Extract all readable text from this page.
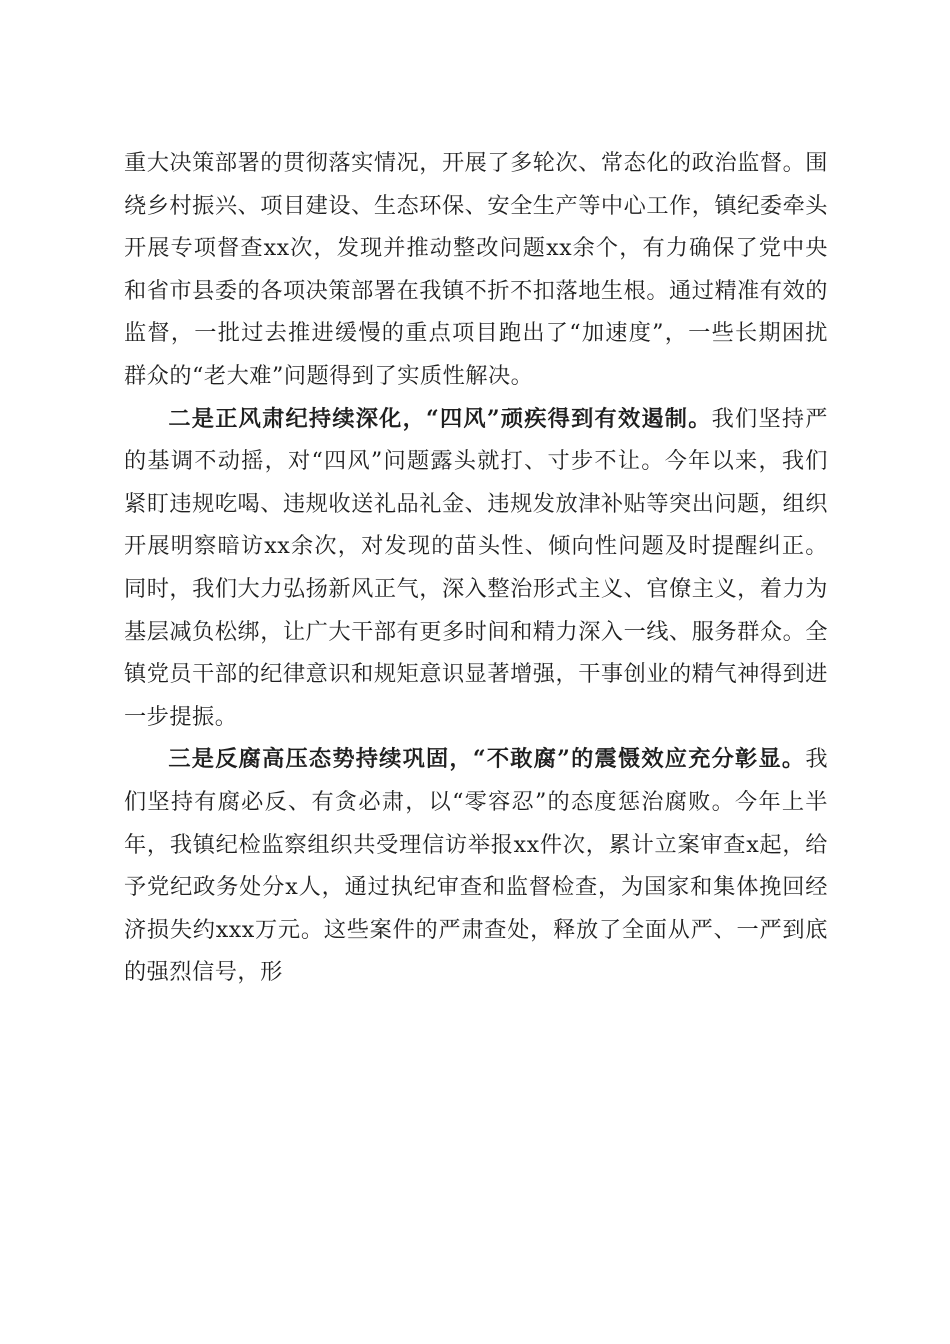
重大决策部署的贯彻落实情况，开展了多轮次、常态化的政治监督。围绕乡村振兴、项目建设、生态环保、安全生产等中心工作，镇纪委牵头开展专项督查xx次，发现并推动整改问题xx余个，有力确保了党中央和省市县委的各项决策部署在我镇不折不扣落地生根。通过精准有效的监督，一批过去推进缓慢的重点项目跑出了“加速度”，一些长期困扰群众的“老大难”问题得到了实质性解决。

二是正风肃纪持续深化，“四风”顽疾得到有效遏制。我们坚持严的基调不动摇，对“四风”问题露头就打、寸步不让。今年以来，我们紧盯违规吃喝、违规收送礼品礼金、违规发放津补贴等突出问题，组织开展明察暗访xx余次，对发现的苗头性、倾向性问题及时提醒纠正。同时，我们大力弘扬新风正气，深入整治形式主义、官僚主义，着力为基层减负松绑，让广大干部有更多时间和精力深入一线、服务群众。全镇党员干部的纪律意识和规矩意识显著增强，干事创业的精气神得到进一步提振。

三是反腐高压态势持续巩固，“不敢腐”的震慑效应充分彰显。我们坚持有腐必反、有贪必肃，以“零容忍”的态度惩治腐败。今年上半年，我镇纪检监察组织共受理信访举报xx件次，累计立案审查x起，给予党纪政务处分x人，通过执纪审查和监督检查，为国家和集体挽回经济损失约xxx万元。这些案件的严肃查处，释放了全面从严、一严到底的强烈信号，形
